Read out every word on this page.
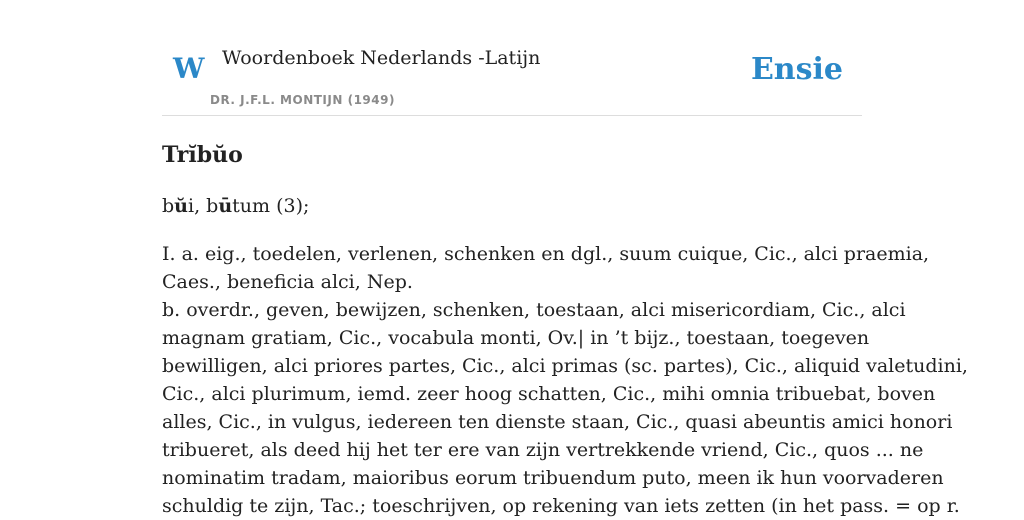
W Woordenboek Nederlands -Latijn
DR. J.F.L. MONTIJN (1949)
Ensie
Trĭbŭo
bŭi, būtum (3);

I. a. eig., toedelen, verlenen, schenken en dgl., suum cuique, Cic., alci praemia,

Caes., beneficia alci, Nep.

b. overdr., geven, bewijzen, schenken, toestaan, alci misericordiam, Cic., alci

magnam gratiam, Cic., vocabula monti, Ov.| in ’t bijz., toestaan, toegeven

bewilligen, alci priores partes, Cic., alci primas (sc. partes), Cic., aliquid valetudini,

Cic., alci plurimum, iemd. zeer hoog schatten, Cic., mihi omnia tribuebat, boven

alles, Cic., in vulgus, iedereen ten dienste staan, Cic., quasi abeuntis amici honori

tribueret, als deed hij het ter ere van zijn vertrekkende vriend, Cic., quos ... ne

nominatim tradam, maioribus eorum tribuendum puto, meen ik hun voorvaderen

schuldig te zijn, Tac.; toeschrijven, op rekening van iets zetten (in het pass. = op r.
